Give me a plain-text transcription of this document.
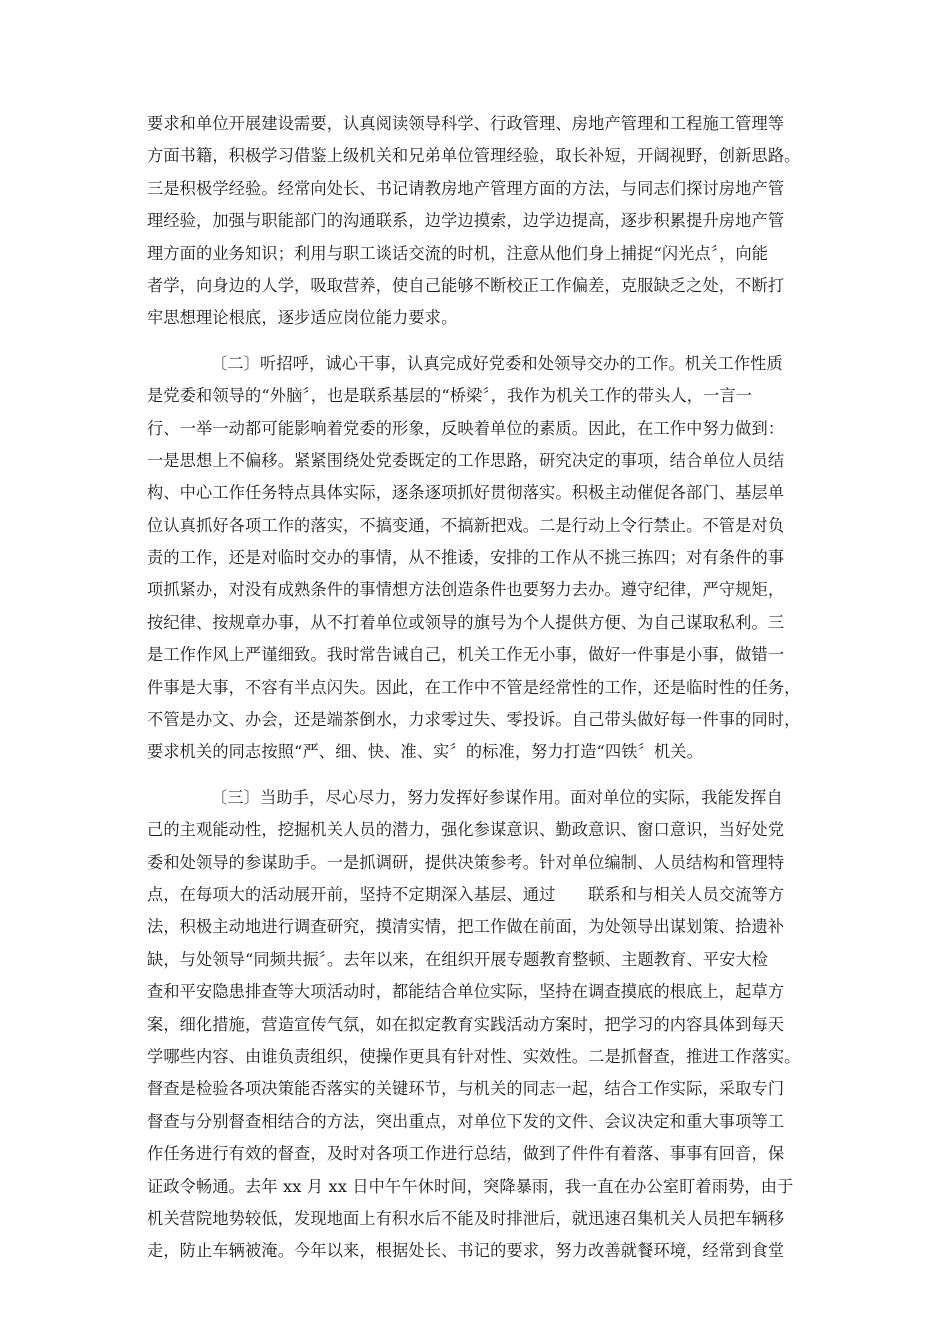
要求和单位开展建设需要，认真阅读领导科学、行政管理、房地产管理和工程施工管理等
方面书籍，积极学习借鉴上级机关和兄弟单位管理经验，取长补短，开阔视野，创新思路。
三是积极学经验。经常向处长、书记请教房地产管理方面的方法，与同志们探讨房地产管
理经验，加强与职能部门的沟通联系，边学边摸索，边学边提高，逐步积累提升房地产管
理方面的业务知识；利用与职工谈话交流的时机，注意从他们身上捕捉“闪光点〞，向能
者学，向身边的人学，吸取营养，使自己能够不断校正工作偏差，克服缺乏之处，不断打
牢思想理论根底，逐步适应岗位能力要求。
〔二〕听招呼，诚心干事，认真完成好党委和处领导交办的工作。机关工作性质
是党委和领导的“外脑〞，也是联系基层的“桥梁〞，我作为机关工作的带头人，一言一
行、一举一动都可能影响着党委的形象，反映着单位的素质。因此，在工作中努力做到：
一是思想上不偏移。紧紧围绕处党委既定的工作思路，研究决定的事项，结合单位人员结
构、中心工作任务特点具体实际，逐条逐项抓好贯彻落实。积极主动催促各部门、基层单
位认真抓好各项工作的落实，不搞变通，不搞新把戏。二是行动上令行禁止。不管是对负
责的工作，还是对临时交办的事情，从不推诿，安排的工作从不挑三拣四；对有条件的事
项抓紧办，对没有成熟条件的事情想方法创造条件也要努力去办。遵守纪律，严守规矩，
按纪律、按规章办事，从不打着单位或领导的旗号为个人提供方便、为自己谋取私利。三
是工作作风上严谨细致。我时常告诫自己，机关工作无小事，做好一件事是小事，做错一
件事是大事，不容有半点闪失。因此，在工作中不管是经常性的工作，还是临时性的任务，
不管是办文、办会，还是端茶倒水，力求零过失、零投诉。自己带头做好每一件事的同时，
要求机关的同志按照“严、细、快、准、实〞的标准，努力打造“四铁〞机关。
〔三〕当助手，尽心尽力，努力发挥好参谋作用。面对单位的实际，我能发挥自
己的主观能动性，挖掘机关人员的潜力，强化参谋意识、勤政意识、窗口意识，当好处党
委和处领导的参谋助手。一是抓调研，提供决策参考。针对单位编制、人员结构和管理特
点，在每项大的活动展开前，坚持不定期深入基层、通过　　联系和与相关人员交流等方
法，积极主动地进行调查研究，摸清实情，把工作做在前面，为处领导出谋划策、拾遗补
缺，与处领导“同频共振〞。去年以来，在组织开展专题教育整顿、主题教育、平安大检
查和平安隐患排查等大项活动时，都能结合单位实际，坚持在调查摸底的根底上，起草方
案，细化措施，营造宣传气氛，如在拟定教育实践活动方案时，把学习的内容具体到每天
学哪些内容、由谁负责组织，使操作更具有针对性、实效性。二是抓督查，推进工作落实。
督查是检验各项决策能否落实的关键环节，与机关的同志一起，结合工作实际，采取专门
督查与分别督查相结合的方法，突出重点，对单位下发的文件、会议决定和重大事项等工
作任务进行有效的督查，及时对各项工作进行总结，做到了件件有着落、事事有回音，保
证政令畅通。去年 xx 月 xx 日中午午休时间，突降暴雨，我一直在办公室盯着雨势，由于
机关营院地势较低，发现地面上有积水后不能及时排泄后，就迅速召集机关人员把车辆移
走，防止车辆被淹。今年以来，根据处长、书记的要求，努力改善就餐环境，经常到食堂
